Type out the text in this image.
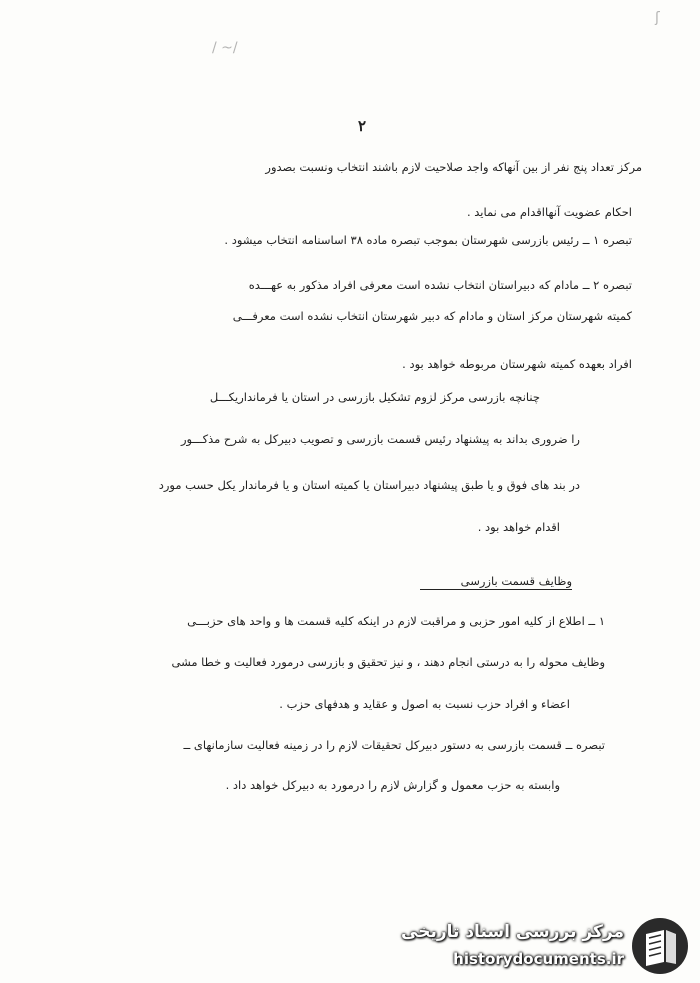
ʃ
/ ~/
۲
مرکز تعداد پنج نفر از بین آنهاکه واجد صلاحیت لازم باشند انتخاب ونسبت بصدور
احکام عضویت آنهااقدام می نماید .
تبصره ۱ ــ رئیس بازرسی شهرستان بموجب تبصره ماده ۳۸ اساسنامه انتخاب میشود .
تبصره ۲ ــ مادام که دبیراستان انتخاب نشده است معرفی افراد مذکور به عهـــده
کمیته شهرستان مرکز استان و مادام که دبیر شهرستان انتخاب نشده است معرفـــی
افراد بعهده کمیته شهرستان مربوطه خواهد بود .
چنانچه بازرسی مرکز لزوم تشکیل بازرسی در استان یا فرمانداریکـــل
را ضروری بداند به پیشنهاد رئیس قسمت بازرسی و تصویب دبیرکل به شرح مذکـــور
در بند های فوق و یا طبق پیشنهاد دبیراستان یا کمیته استان و یا فرماندار یکل حسب مورد
اقدام خواهد بود .
وظایف قسمت بازرسی
۱ ــ اطلاع از کلیه امور حزبی و مراقبت لازم در اینکه کلیه قسمت ها و واحد های حزبـــی
وظایف محوله را به درستی انجام دهند ، و نیز تحقیق و بازرسی درمورد فعالیت و خطا مشی
اعضاء و افراد حزب نسبت به اصول و عقاید و هدفهای حزب .
تبصره ــ قسمت بازرسی به دستور دبیرکل تحقیقات لازم را در زمینه فعالیت سازمانهای ــ
وابسته به حزب معمول و گزارش لازم را درمورد به دبیرکل خواهد داد .
مرکز بررسی اسناد تاریخی
historydocuments.ir
